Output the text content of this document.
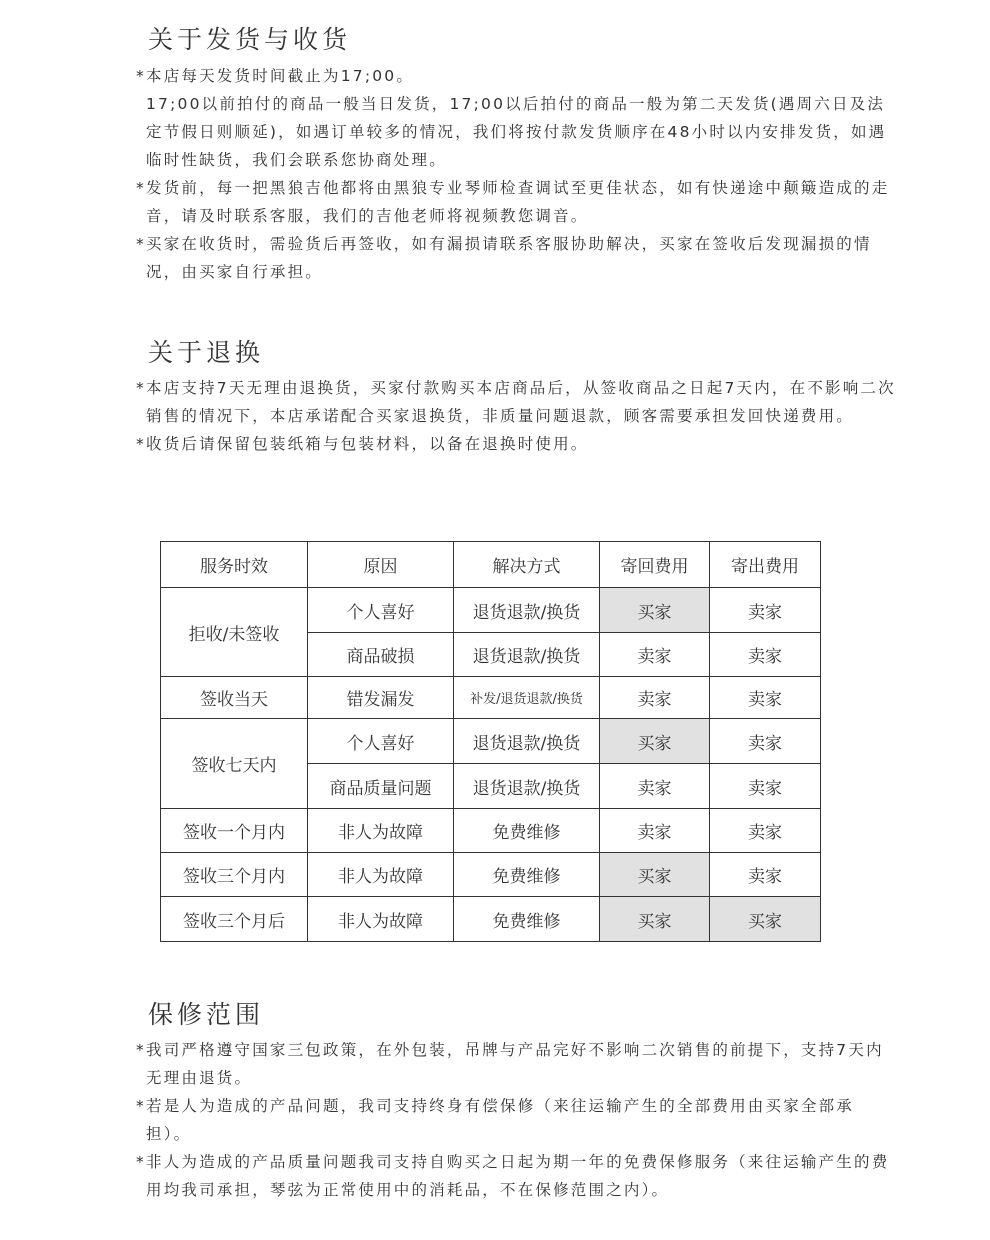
关于发货与收货
* 本店每天发货时间截止为17;00。
17;00以前拍付的商品一般当日发货，17;00以后拍付的商品一般为第二天发货(遇周六日及法定节假日则顺延)，如遇订单较多的情况，我们将按付款发货顺序在48小时以内安排发货，如遇临时性缺货，我们会联系您协商处理。
* 发货前，每一把黑狼吉他都将由黑狼专业琴师检查调试至更佳状态，如有快递途中颠簸造成的走音，请及时联系客服，我们的吉他老师将视频教您调音。
* 买家在收货时，需验货后再签收，如有漏损请联系客服协助解决，买家在签收后发现漏损的情况，由买家自行承担。
关于退换
* 本店支持7天无理由退换货，买家付款购买本店商品后，从签收商品之日起7天内，在不影响二次销售的情况下，本店承诺配合买家退换货，非质量问题退款，顾客需要承担发回快递费用。
* 收货后请保留包装纸箱与包装材料，以备在退换时使用。
服务时效	原因	解决方式	寄回费用	寄出费用
拒收/未签收	个人喜好	退货退款/换货	买家	卖家
	商品破损	退货退款/换货	卖家	卖家
签收当天	错发漏发	补发/退货退款/换货	卖家	卖家
签收七天内	个人喜好	退货退款/换货	买家	卖家
	商品质量问题	退货退款/换货	卖家	卖家
签收一个月内	非人为故障	免费维修	卖家	卖家
签收三个月内	非人为故障	免费维修	买家	卖家
签收三个月后	非人为故障	免费维修	买家	买家
保修范围
* 我司严格遵守国家三包政策，在外包装，吊牌与产品完好不影响二次销售的前提下，支持7天内无理由退货。
* 若是人为造成的产品问题，我司支持终身有偿保修（来往运输产生的全部费用由买家全部承担）。
* 非人为造成的产品质量问题我司支持自购买之日起为期一年的免费保修服务（来往运输产生的费用均我司承担，琴弦为正常使用中的消耗品，不在保修范围之内）。
